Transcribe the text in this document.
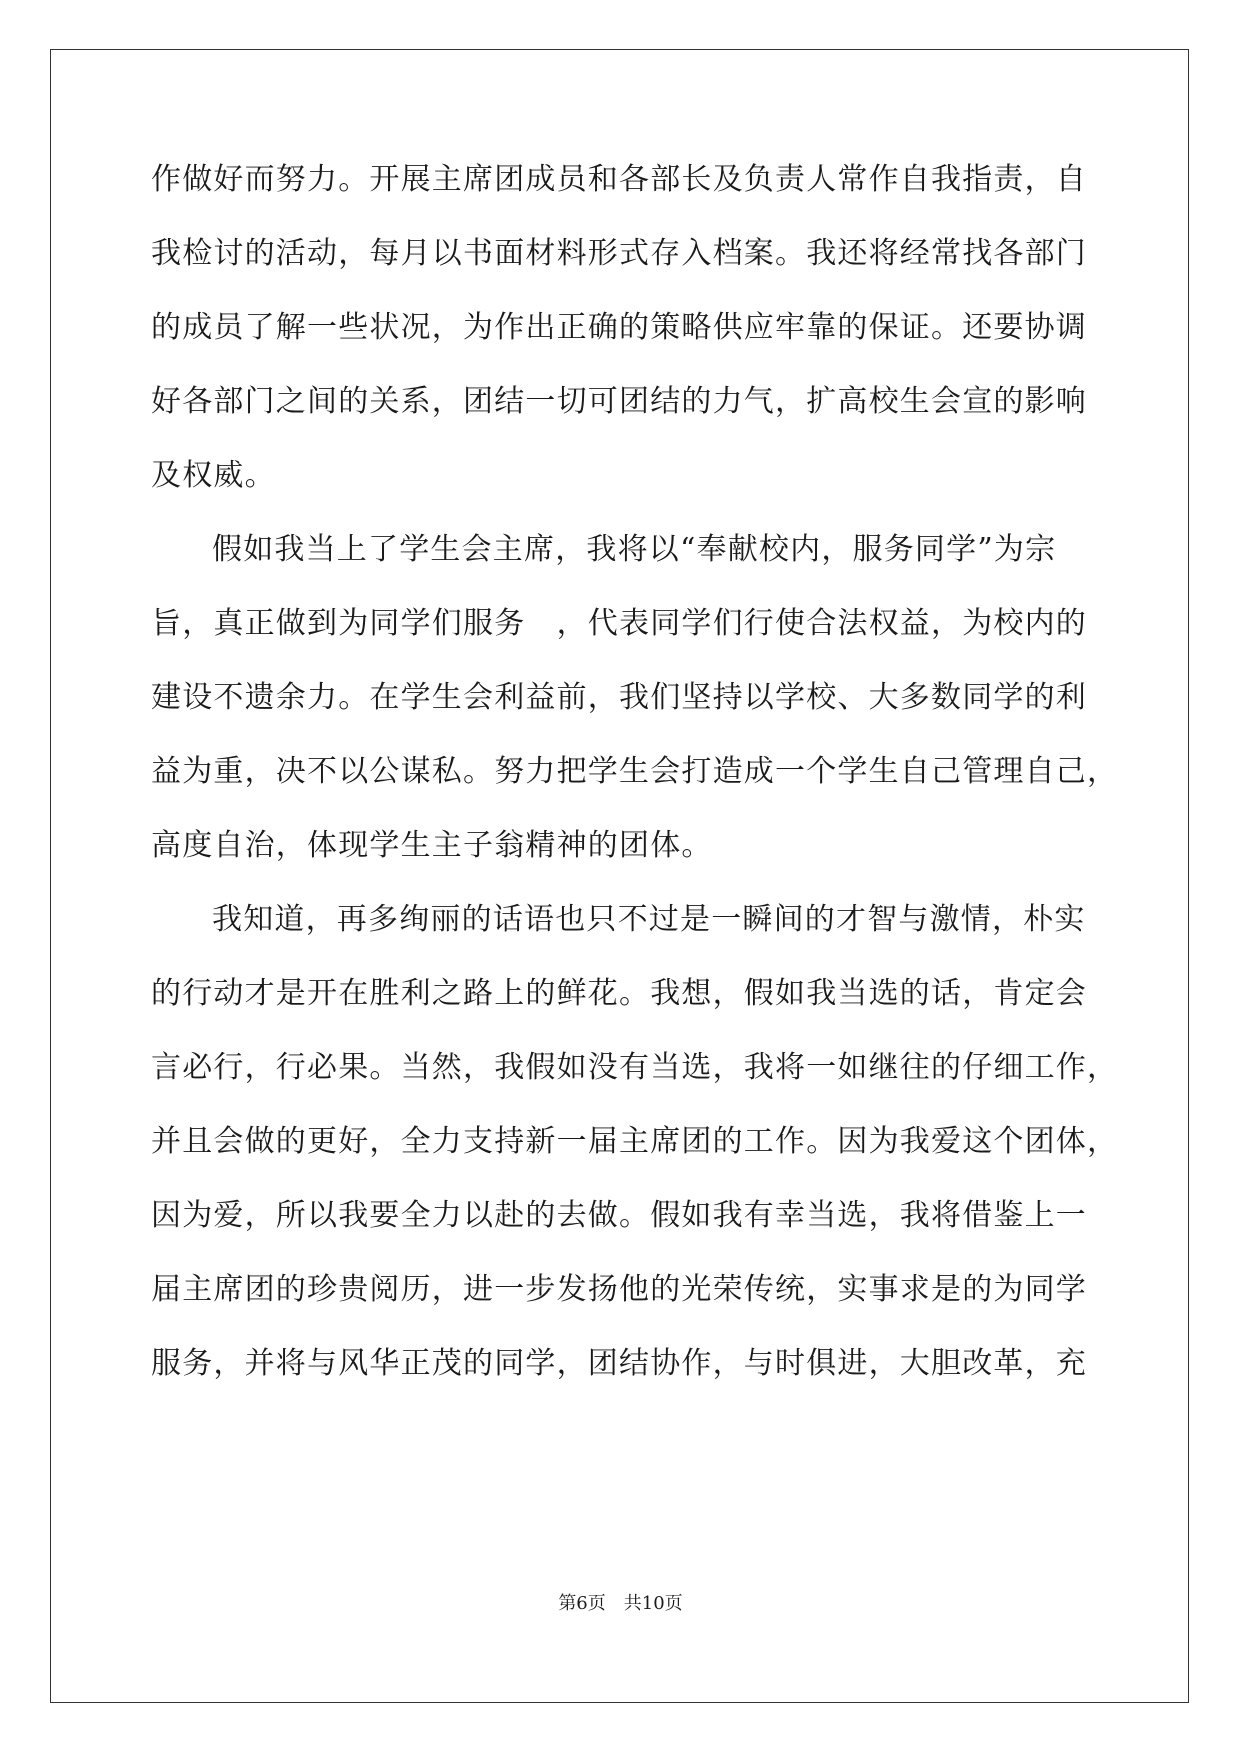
作做好而努力。开展主席团成员和各部长及负责人常作自我指责，自
我检讨的活动，每月以书面材料形式存入档案。我还将经常找各部门
的成员了解一些状况，为作出正确的策略供应牢靠的保证。还要协调
好各部门之间的关系，团结一切可团结的力气，扩高校生会宣的影响
及权威。
假如我当上了学生会主席，我将以“奉献校内，服务同学”为宗
旨，真正做到为同学们服务　，代表同学们行使合法权益，为校内的
建设不遗余力。在学生会利益前，我们坚持以学校、大多数同学的利
益为重，决不以公谋私。努力把学生会打造成一个学生自己管理自己，
高度自治，体现学生主子翁精神的团体。
我知道，再多绚丽的话语也只不过是一瞬间的才智与激情，朴实
的行动才是开在胜利之路上的鲜花。我想，假如我当选的话，肯定会
言必行，行必果。当然，我假如没有当选，我将一如继往的仔细工作，
并且会做的更好，全力支持新一届主席团的工作。因为我爱这个团体，
因为爱，所以我要全力以赴的去做。假如我有幸当选，我将借鉴上一
届主席团的珍贵阅历，进一步发扬他的光荣传统，实事求是的为同学
服务，并将与风华正茂的同学，团结协作，与时俱进，大胆改革，充
第6页 共10页
